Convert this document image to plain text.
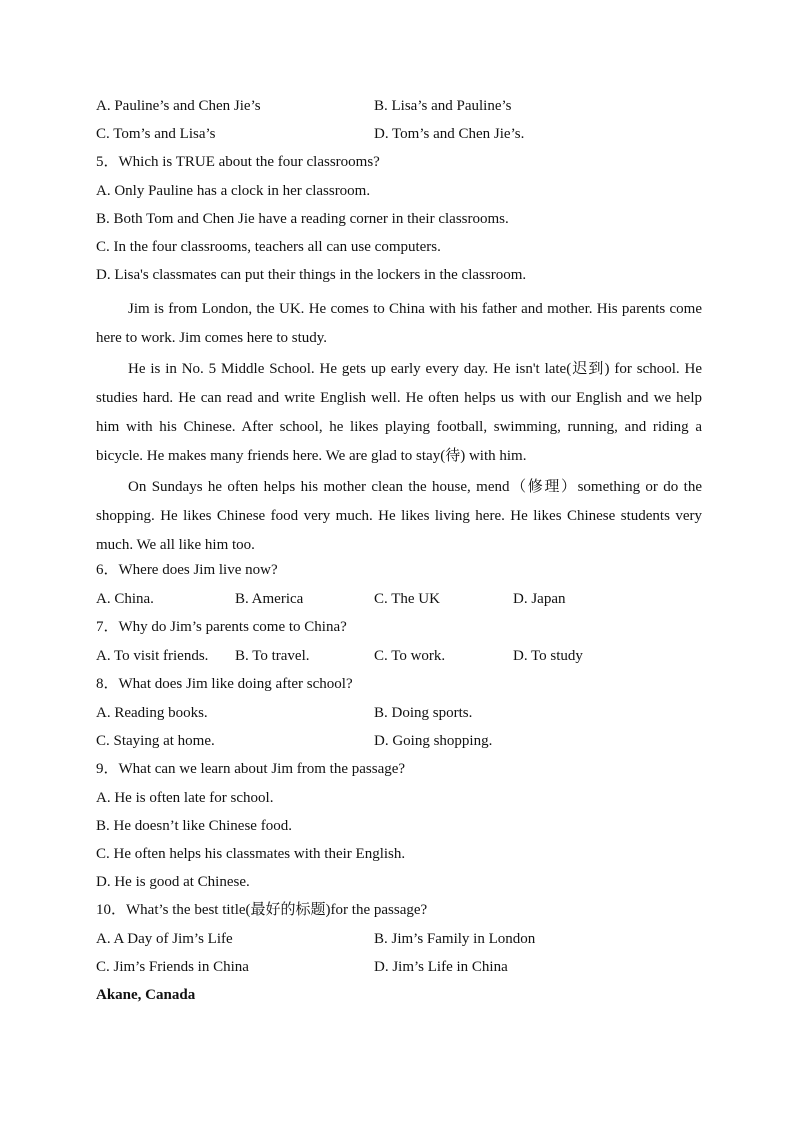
A. Pauline’s and Chen Jie’s	B. Lisa’s and Pauline’s
C. Tom’s and Lisa’s	D. Tom’s and Chen Jie’s.
5．Which is TRUE about the four classrooms?
A. Only Pauline has a clock in her classroom.
B. Both Tom and Chen Jie have a reading corner in their classrooms.
C. In the four classrooms, teachers all can use computers.
D. Lisa's classmates can put their things in the lockers in the classroom.

Jim is from London, the UK. He comes to China with his father and mother. His parents come here to work. Jim comes here to study.

He is in No. 5 Middle School. He gets up early every day. He isn't late(迟到) for school. He studies hard. He can read and write English well. He often helps us with our English and we help him with his Chinese. After school, he likes playing football, swimming, running, and riding a bicycle. He makes many friends here. We are glad to stay(待) with him.

On Sundays he often helps his mother clean the house, mend（修理）something or do the shopping. He likes Chinese food very much. He likes living here. He likes Chinese students very much. We all like him too.

6．Where does Jim live now?
A. China.	B. America	C. The UK	D. Japan
7．Why do Jim’s parents come to China?
A. To visit friends.	B. To travel.	C. To work.	D. To study
8．What does Jim like doing after school?
A. Reading books.	B. Doing sports.
C. Staying at home.	D. Going shopping.
9．What can we learn about Jim from the passage?
A. He is often late for school.
B. He doesn’t like Chinese food.
C. He often helps his classmates with their English.
D. He is good at Chinese.
10．What’s the best title(最好的标题)for the passage?
A. A Day of Jim’s Life	B. Jim’s Family in London
C. Jim’s Friends in China	D. Jim’s Life in China
Akane, Canada
